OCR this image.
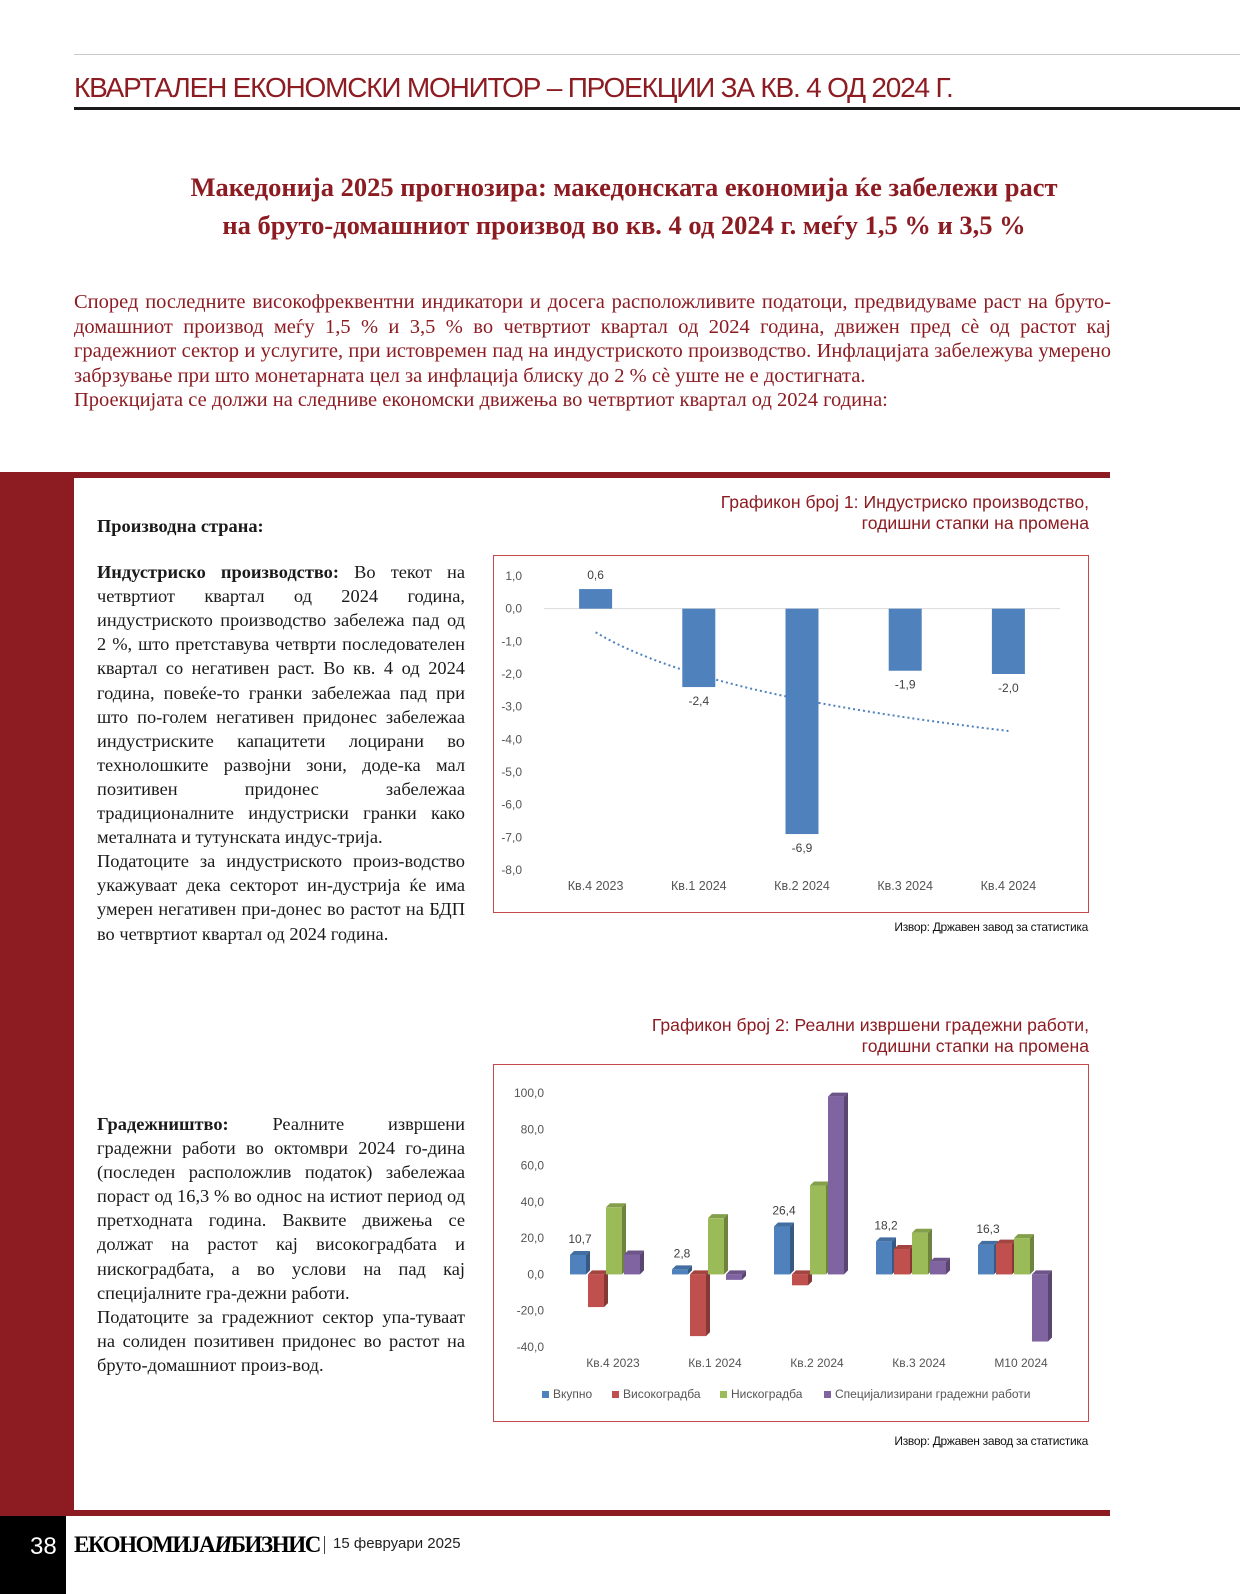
КВАРТАЛЕН ЕКОНОМСКИ МОНИТОР – ПРОЕКЦИИ ЗА КВ. 4 ОД 2024 Г.
Македонија 2025 прогнозира: македонската економија ќе забележи раст
на бруто-домашниот производ во кв. 4 од 2024 г. меѓу 1,5 % и 3,5 %

Според последните високофреквентни индикатори и досега расположливите податоци, предвидуваме раст на бруто-домашниот производ меѓу 1,5 % и 3,5 % во четвртиот квартал од 2024 година, движен пред сè од растот кај градежниот сектор и услугите, при истовремен пад на индустриското производство. Инфлацијата забележува умерено забрзување при што монетарната цел за инфлација блиску до 2 % сè уште не е достигната.

Проекцијата се должи на следниве економски движења во четвртиот квартал од 2024 година:

Производна страна:

Индустриско производство: Во текот на четвртиот квартал од 2024 година, индустриското производство забележа пад од 2 %, што претставува четврти последователен квартал со негативен раст. Во кв. 4 од 2024 година, повеќе-то гранки забележаа пад при што по-голем негативен придонес забележаа индустриските капацитети лоцирани во технолошките развојни зони, доде-ка мал позитивен придонес забележаа традиционалните индустриски гранки како металната и тутунската индус-трија.

Податоците за индустриското произ-водство укажуваат дека секторот ин-дустрија ќе има умерен негативен при-донес во растот на БДП во четвртиот квартал од 2024 година.

Градежништво: Реалните извршени градежни работи во октомври 2024 го-дина (последен расположлив податок) забележаа пораст од 16,3 % во однос на истиот период од претходната година. Ваквите движења се должат на растот кај високоградбата и нискоградбата, а во услови на пад кај специјалните гра-дежни работи.

Податоците за градежниот сектор упа-туваат на солиден позитивен придонес во растот на бруто-домашниот произ-вод.

Графикон број 1: Индустриско производство,
годишни стапки на промена
1,0
0,0
-1,0
-2,0
-3,0
-4,0
-5,0
-6,0
-7,0
-8,0
0,6
Кв.4 2023
-2,4
Кв.1 2024
-6,9
Кв.2 2024
-1,9
Кв.3 2024
-2,0
Кв.4 2024
Извор: Државен завод за статистика
Графикон број 2: Реални извршени градежни работи,
годишни стапки на промена
100,0
80,0
60,0
40,0
20,0
0,0
-20,0
-40,0
10,7
Кв.4 2023
2,8
Кв.1 2024
26,4
Кв.2 2024
18,2
Кв.3 2024
16,3
М10 2024
Вкупно	Високоградба	Нискоградба	Специјализирани градежни работи
Извор: Државен завод за статистика
38 ЕКОНОМИЈАИБИЗНИС 15 февруари 2025
